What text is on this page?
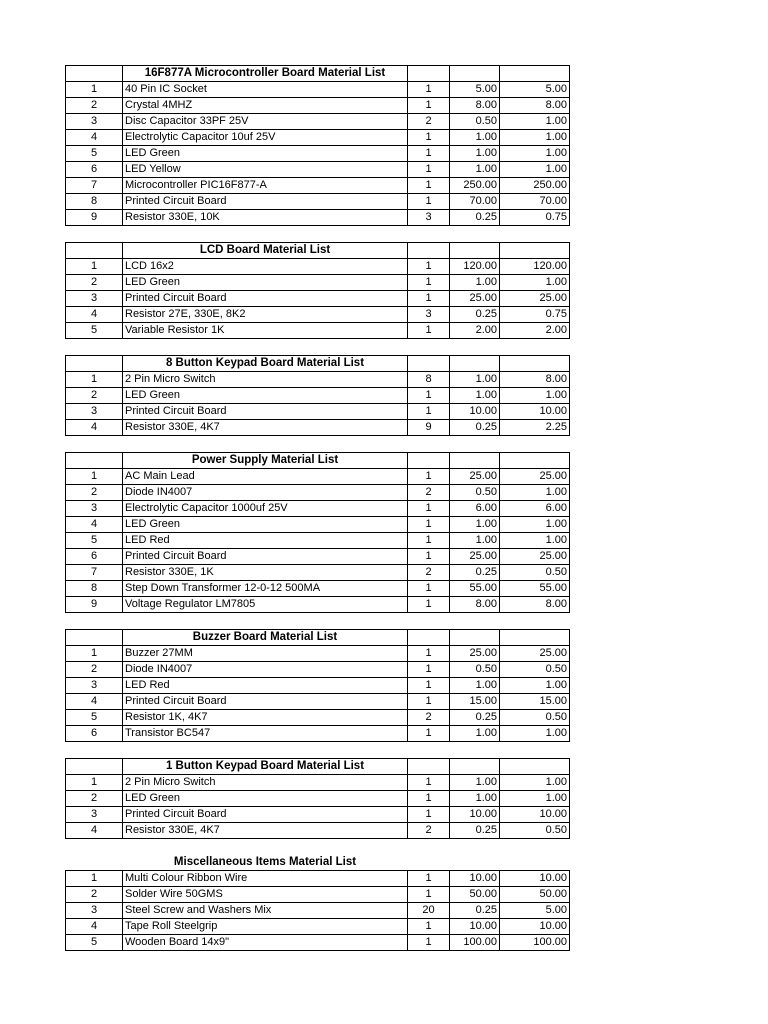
	16F877A Microcontroller Board Material List			
1	40 Pin IC Socket	1	5.00	5.00
2	Crystal 4MHZ	1	8.00	8.00
3	Disc Capacitor 33PF 25V	2	0.50	1.00
4	Electrolytic Capacitor 10uf 25V	1	1.00	1.00
5	LED Green	1	1.00	1.00
6	LED Yellow	1	1.00	1.00
7	Microcontroller PIC16F877-A	1	250.00	250.00
8	Printed Circuit Board	1	70.00	70.00
9	Resistor 330E, 10K	3	0.25	0.75
	LCD Board Material List			
1	LCD 16x2	1	120.00	120.00
2	LED Green	1	1.00	1.00
3	Printed Circuit Board	1	25.00	25.00
4	Resistor 27E, 330E, 8K2	3	0.25	0.75
5	Variable Resistor 1K	1	2.00	2.00
	8 Button Keypad Board Material List			
1	2 Pin Micro Switch	8	1.00	8.00
2	LED Green	1	1.00	1.00
3	Printed Circuit Board	1	10.00	10.00
4	Resistor 330E, 4K7	9	0.25	2.25
	Power Supply Material List			
1	AC Main Lead	1	25.00	25.00
2	Diode IN4007	2	0.50	1.00
3	Electrolytic Capacitor 1000uf 25V	1	6.00	6.00
4	LED Green	1	1.00	1.00
5	LED Red	1	1.00	1.00
6	Printed Circuit Board	1	25.00	25.00
7	Resistor 330E, 1K	2	0.25	0.50
8	Step Down Transformer 12-0-12 500MA	1	55.00	55.00
9	Voltage Regulator LM7805	1	8.00	8.00
	Buzzer Board Material List			
1	Buzzer 27MM	1	25.00	25.00
2	Diode IN4007	1	0.50	0.50
3	LED Red	1	1.00	1.00
4	Printed Circuit Board	1	15.00	15.00
5	Resistor 1K, 4K7	2	0.25	0.50
6	Transistor BC547	1	1.00	1.00
	1 Button Keypad Board Material List			
1	2 Pin Micro Switch	1	1.00	1.00
2	LED Green	1	1.00	1.00
3	Printed Circuit Board	1	10.00	10.00
4	Resistor 330E, 4K7	2	0.25	0.50
	Miscellaneous Items Material List			
1	Multi Colour Ribbon Wire	1	10.00	10.00
2	Solder Wire 50GMS	1	50.00	50.00
3	Steel Screw and Washers Mix	20	0.25	5.00
4	Tape Roll Steelgrip	1	10.00	10.00
5	Wooden Board 14x9"	1	100.00	100.00
